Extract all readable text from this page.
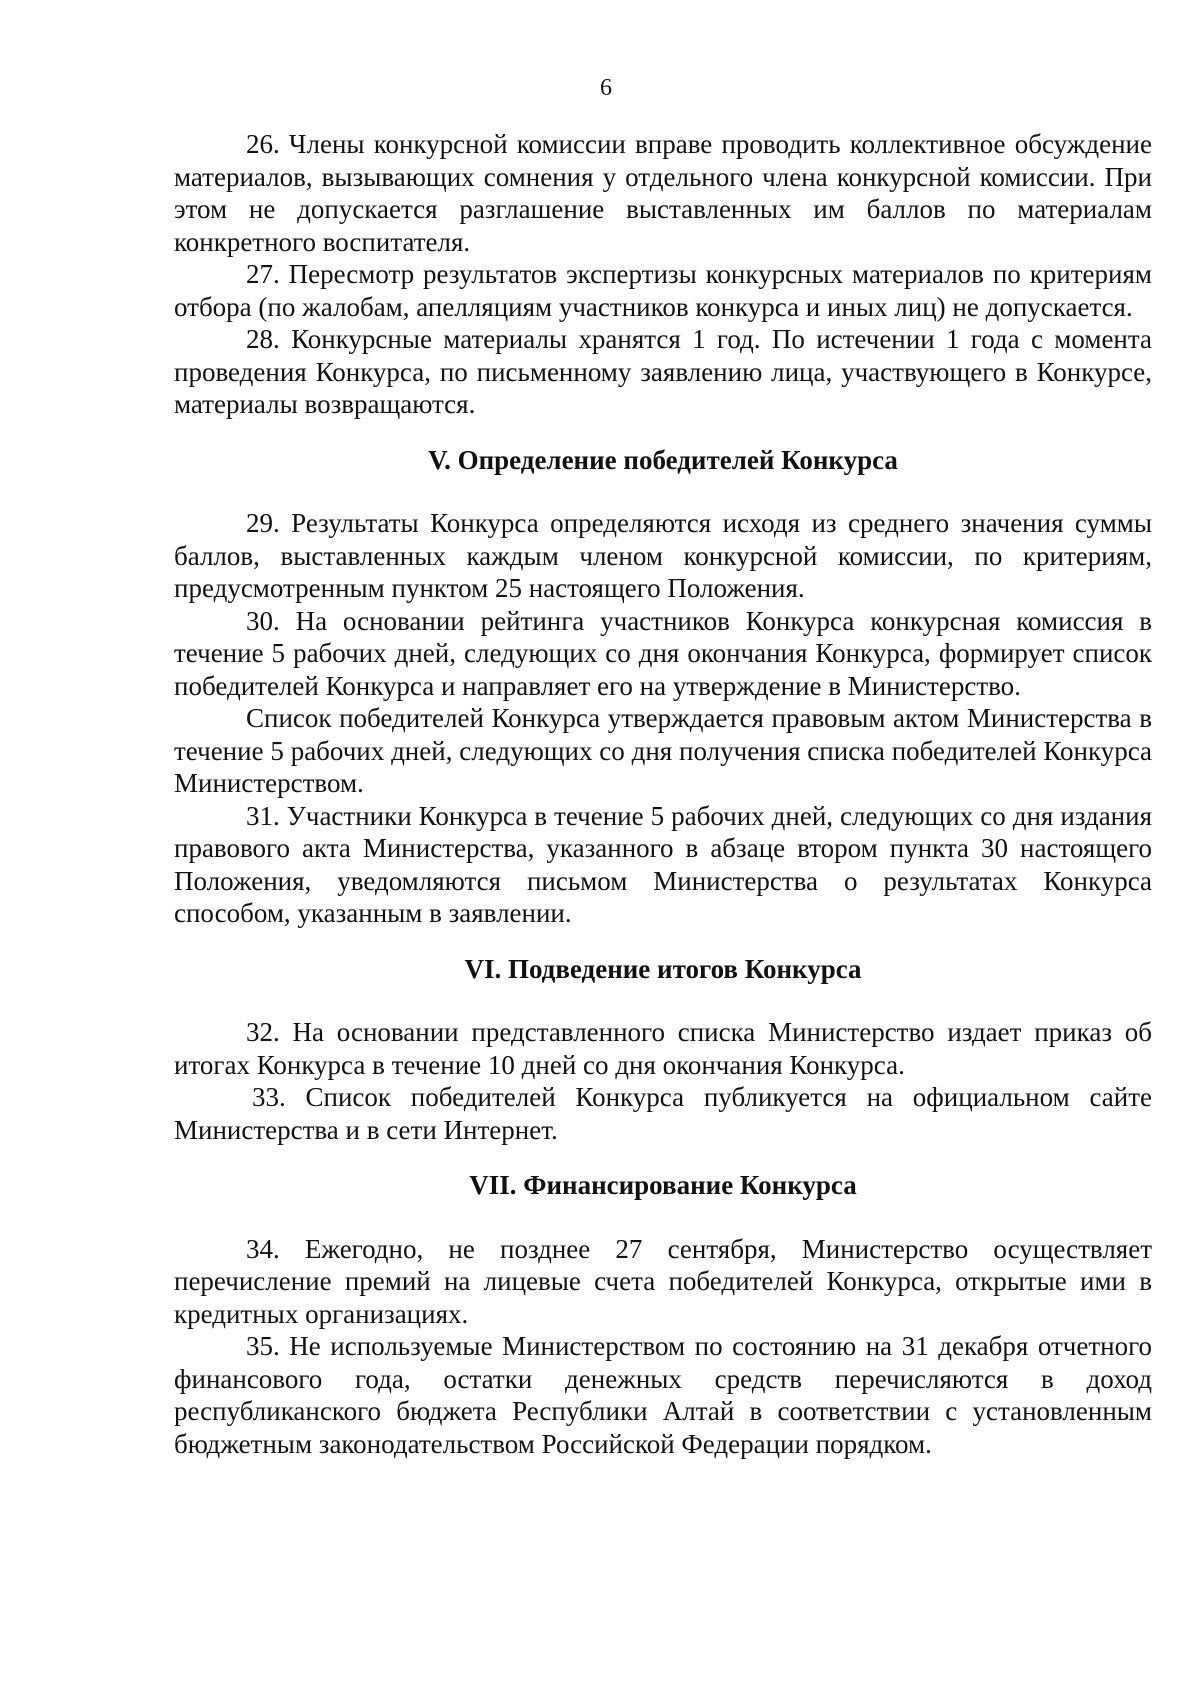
6

26. Члены конкурсной комиссии вправе проводить коллективное обсуждение материалов, вызывающих сомнения у отдельного члена конкурсной комиссии. При этом не допускается разглашение выставленных им баллов по материалам конкретного воспитателя.

27. Пересмотр результатов экспертизы конкурсных материалов по критериям отбора (по жалобам, апелляциям участников конкурса и иных лиц) не допускается.

28. Конкурсные материалы хранятся 1 год. По истечении 1 года с момента проведения Конкурса, по письменному заявлению лица, участвующего в Конкурсе, материалы возвращаются.

V. Определение победителей Конкурса

29. Результаты Конкурса определяются исходя из среднего значения суммы баллов, выставленных каждым членом конкурсной комиссии, по критериям, предусмотренным пунктом 25 настоящего Положения.

30. На основании рейтинга участников Конкурса конкурсная комиссия в течение 5 рабочих дней, следующих со дня окончания Конкурса, формирует список победителей Конкурса и направляет его на утверждение в Министерство.

Список победителей Конкурса утверждается правовым актом Министерства в течение 5 рабочих дней, следующих со дня получения списка победителей Конкурса Министерством.

31. Участники Конкурса в течение 5 рабочих дней, следующих со дня издания правового акта Министерства, указанного в абзаце втором пункта 30 настоящего Положения, уведомляются письмом Министерства о результатах Конкурса способом, указанным в заявлении.

VI. Подведение итогов Конкурса

32. На основании представленного списка Министерство издает приказ об итогах Конкурса в течение 10 дней со дня окончания Конкурса.

33. Список победителей Конкурса публикуется на официальном сайте Министерства и в сети Интернет.

VII. Финансирование Конкурса

34. Ежегодно, не позднее 27 сентября, Министерство осуществляет перечисление премий на лицевые счета победителей Конкурса, открытые ими в кредитных организациях.

35. Не используемые Министерством по состоянию на 31 декабря отчетного финансового года, остатки денежных средств перечисляются в доход республиканского бюджета Республики Алтай в соответствии с установленным бюджетным законодательством Российской Федерации порядком.
